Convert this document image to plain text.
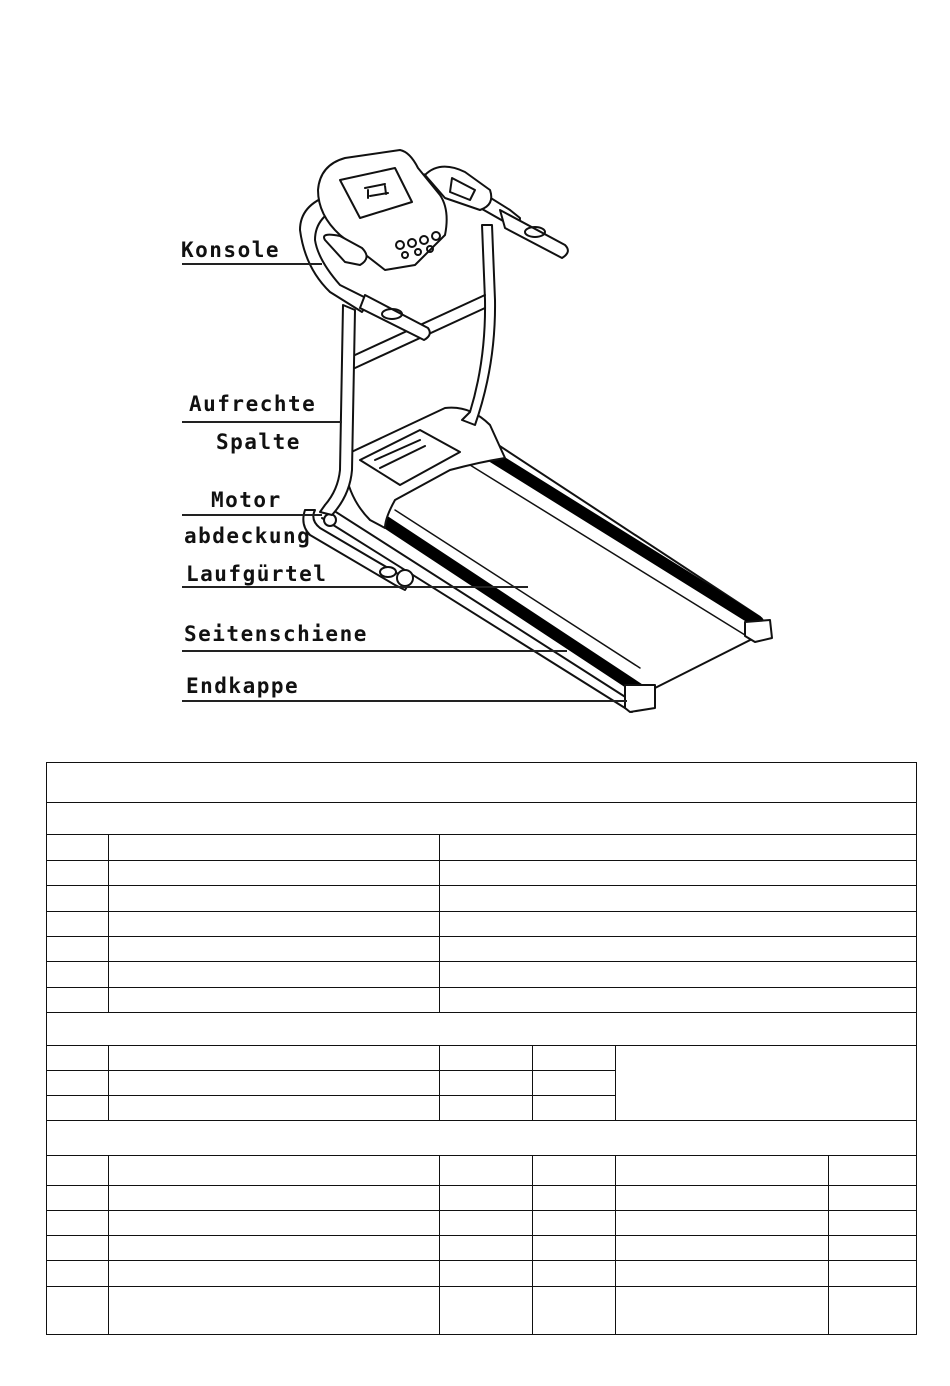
Konsole
Aufrechte
Spalte
Motor
abdeckung
Laufgürtel
Seitenschiene
Endkappe
